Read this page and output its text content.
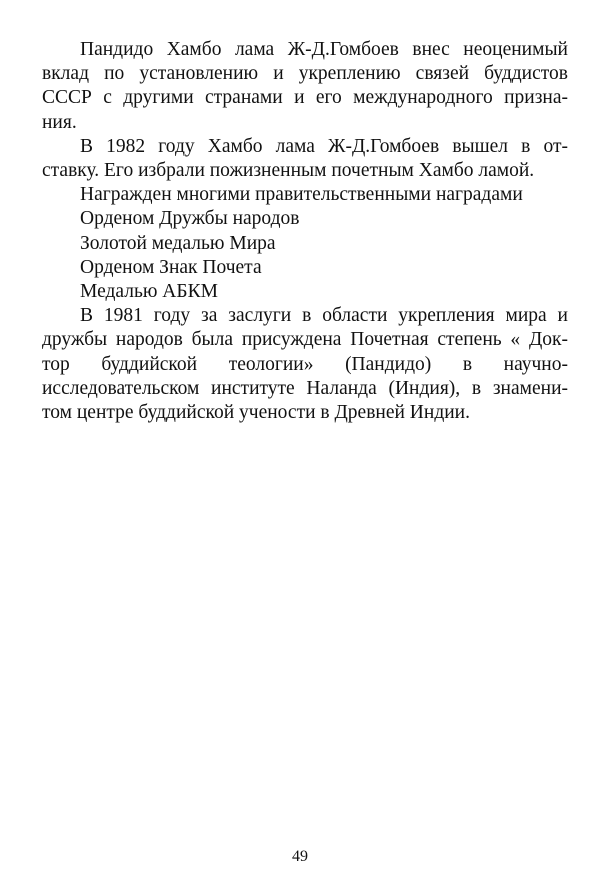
Пандидо Хамбо лама Ж-Д.Гомбоев внес неоценимый
вклад по установлению и укреплению связей буддистов
СССР с другими странами и его международного призна-
ния.
В 1982 году Хамбо лама Ж-Д.Гомбоев вышел в от-
ставку. Его избрали пожизненным почетным Хамбо ламой.
Награжден многими правительственными наградами
Орденом Дружбы народов
Золотой медалью Мира
Орденом Знак Почета
Медалью АБКМ
В 1981 году за заслуги в области укрепления мира и
дружбы народов была присуждена Почетная степень « Док-
тор буддийской теологии» (Пандидо) в научно-
исследовательском институте Наланда (Индия), в знамени-
том центре буддийской учености в Древней Индии.
49
